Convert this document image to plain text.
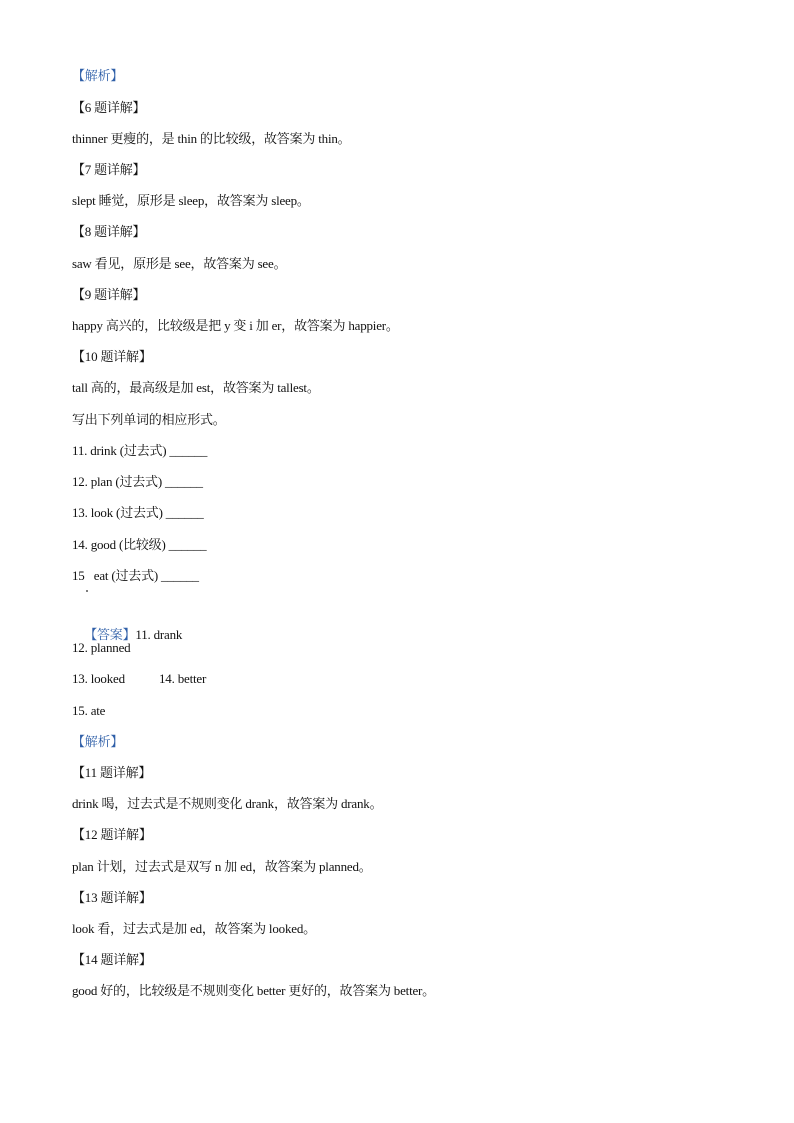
【解析】
【6 题详解】
thinner 更瘦的，是 thin 的比较级，故答案为 thin。
【7 题详解】
slept 睡觉，原形是 sleep，故答案为 sleep。
【8 题详解】
saw 看见，原形是 see，故答案为 see。
【9 题详解】
happy 高兴的，比较级是把 y 变 i 加 er，故答案为 happier。
【10 题详解】
tall 高的，最高级是加 est，故答案为 tallest。
写出下列单词的相应形式。
11. drink (过去式) ______
12. plan (过去式) ______
13. look (过去式) ______
14. good (比较级) ______
15   eat (过去式) ______

【答案】11. drank

12. planned
13. looked	14. better
15. ate
【解析】
【11 题详解】
drink 喝，过去式是不规则变化 drank，故答案为 drank。
【12 题详解】
plan 计划，过去式是双写 n 加 ed，故答案为 planned。
【13 题详解】
look 看，过去式是加 ed，故答案为 looked。
【14 题详解】
good 好的，比较级是不规则变化 better 更好的，故答案为 better。
